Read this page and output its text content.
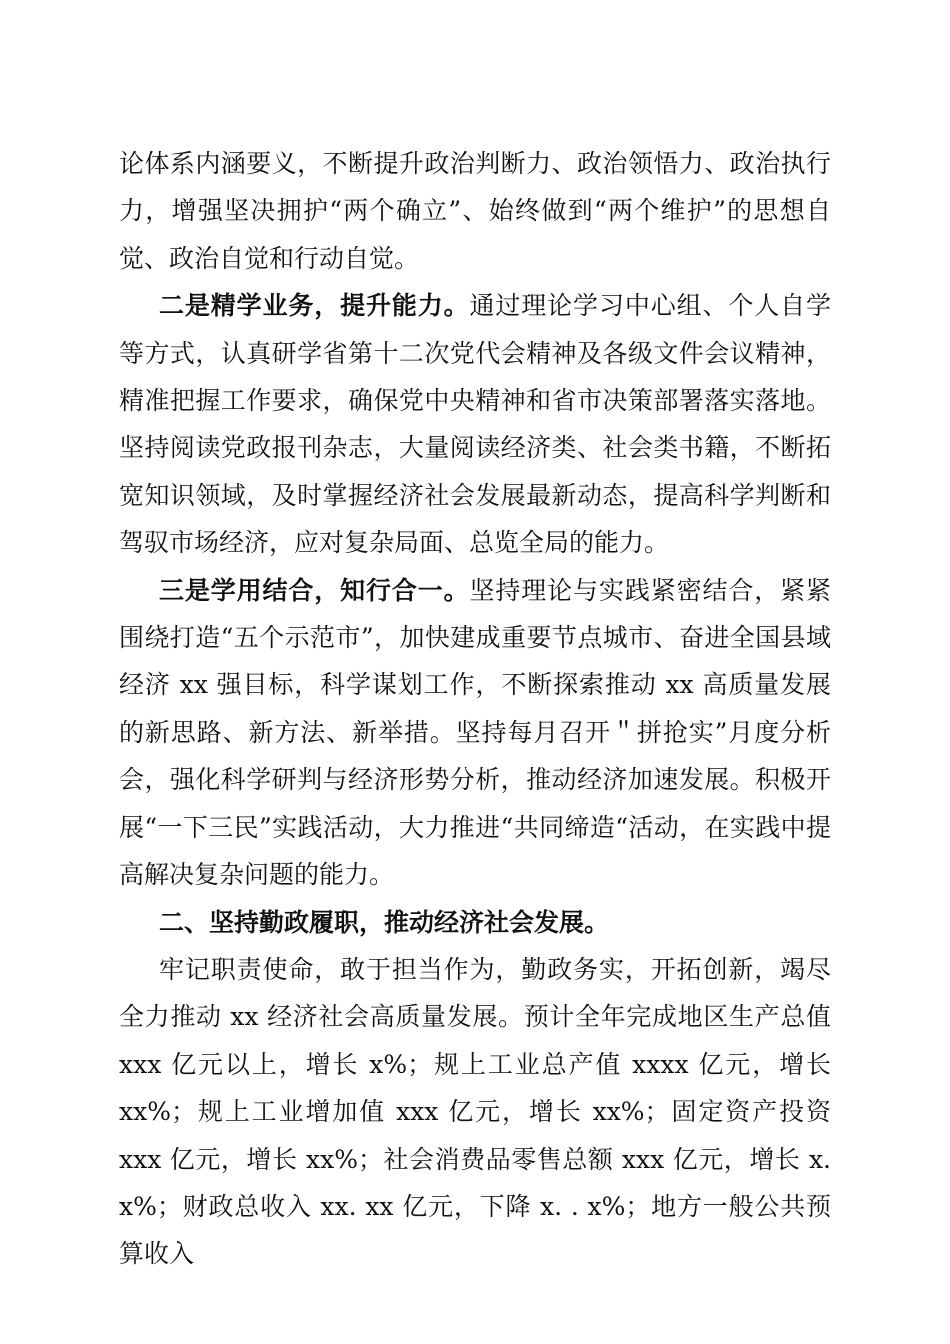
论体系内涵要义，不断提升政治判断力、政治领悟力、政治执行力，增强坚决拥护“两个确立”、始终做到“两个维护”的思想自觉、政治自觉和行动自觉。

二是精学业务，提升能力。通过理论学习中心组、个人自学等方式，认真研学省第十二次党代会精神及各级文件会议精神，精准把握工作要求，确保党中央精神和省市决策部署落实落地。坚持阅读党政报刊杂志，大量阅读经济类、社会类书籍，不断拓宽知识领域，及时掌握经济社会发展最新动态，提高科学判断和驾驭市场经济，应对复杂局面、总览全局的能力。

三是学用结合，知行合一。坚持理论与实践紧密结合，紧紧围绕打造“五个示范市”，加快建成重要节点城市、奋进全国县域经济 xx 强目标，科学谋划工作，不断探索推动 xx 高质量发展的新思路、新方法、新举措。坚持每月召开＂拼抢实”月度分析会，强化科学研判与经济形势分析，推动经济加速发展。积极开展“一下三民”实践活动，大力推进“共同缔造“活动，在实践中提高解决复杂问题的能力。

二、坚持勤政履职，推动经济社会发展。

牢记职责使命，敢于担当作为，勤政务实，开拓创新，竭尽全力推动 xx 经济社会高质量发展。预计全年完成地区生产总值 xxx 亿元以上，增长 x%；规上工业总产值 xxxx 亿元，增长 xx%；规上工业增加值 xxx 亿元，增长 xx%；固定资产投资 xxx 亿元，增长 xx%；社会消费品零售总额 xxx 亿元，增长 x. x%；财政总收入 xx. xx 亿元，下降 x. . x%；地方一般公共预算收入
